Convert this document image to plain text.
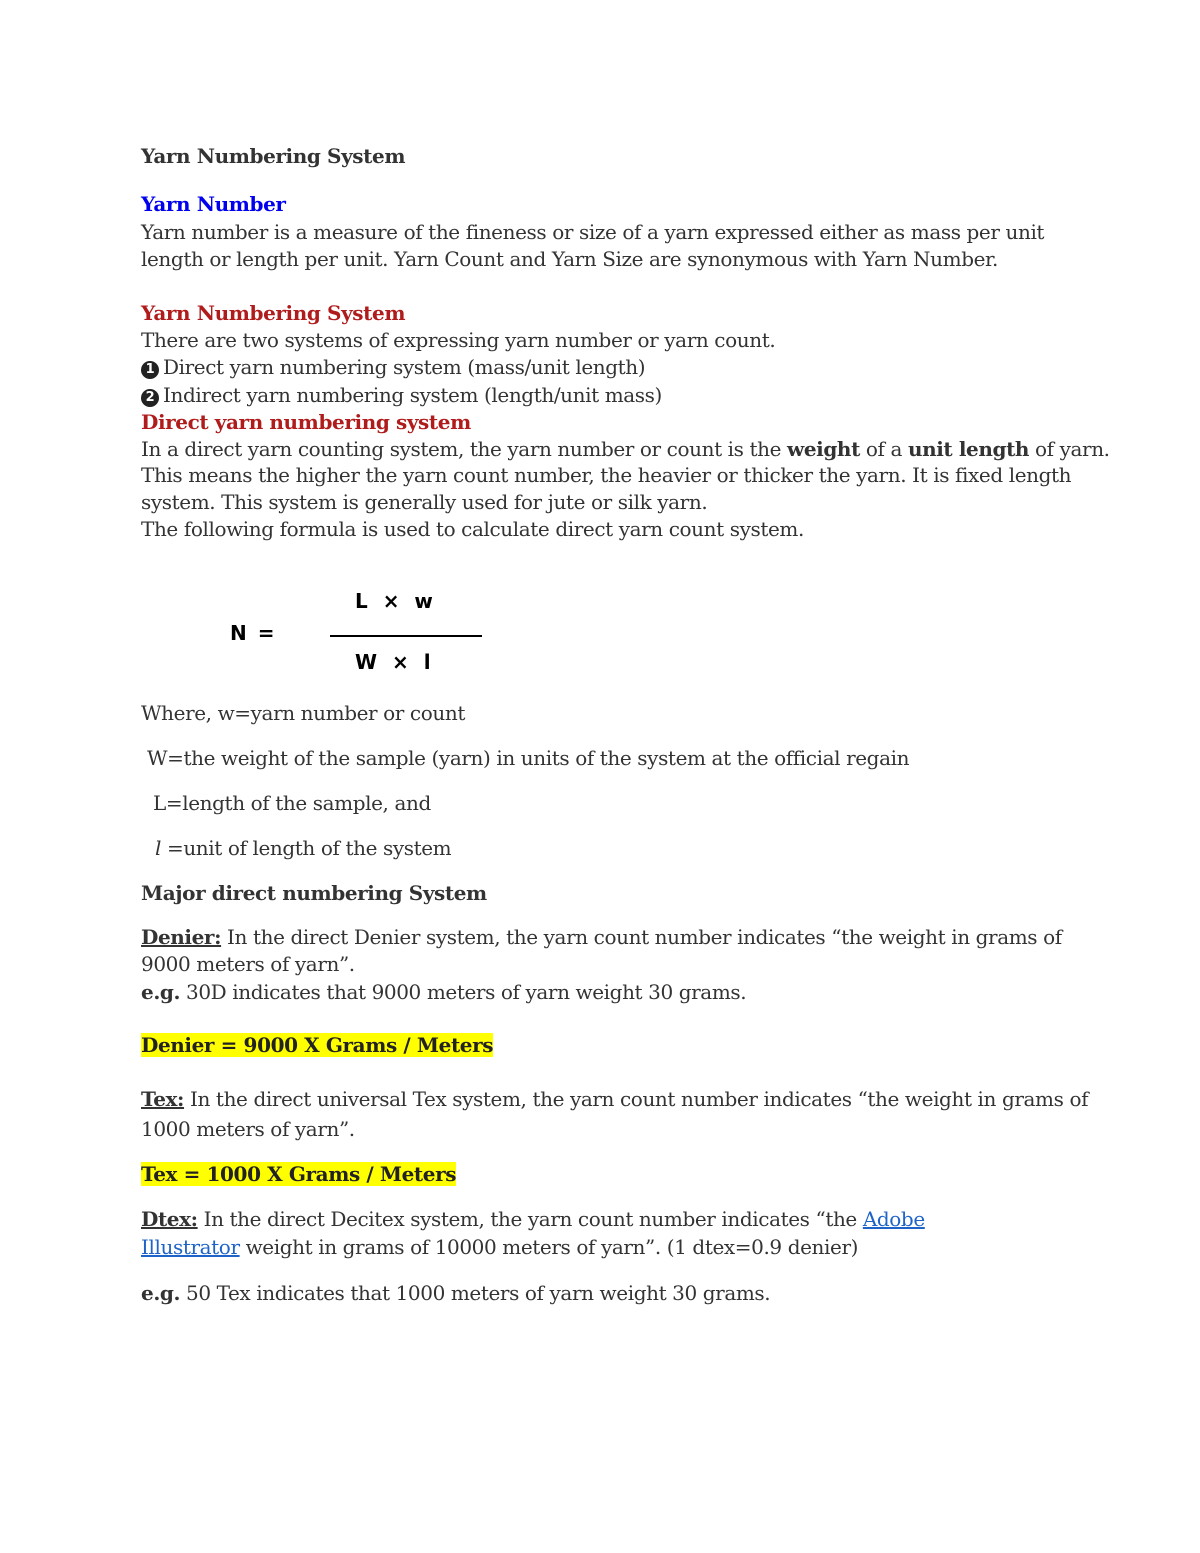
Yarn Numbering System
Yarn Number
Yarn number is a measure of the fineness or size of a yarn expressed either as mass per unit
length or length per unit. Yarn Count and Yarn Size are synonymous with Yarn Number.
Yarn Numbering System
There are two systems of expressing yarn number or yarn count.
1 Direct yarn numbering system (mass/unit length)
2 Indirect yarn numbering system (length/unit mass)
Direct yarn numbering system
In a direct yarn counting system, the yarn number or count is the weight of a unit length of yarn.
This means the higher the yarn count number, the heavier or thicker the yarn. It is fixed length
system. This system is generally used for jute or silk yarn.
The following formula is used to calculate direct yarn count system.
N =
L × w
W × l
Where, w=yarn number or count
W=the weight of the sample (yarn) in units of the system at the official regain
L=length of the sample, and
l =unit of length of the system
Major direct numbering System
Denier: In the direct Denier system, the yarn count number indicates “the weight in grams of
9000 meters of yarn”.
e.g. 30D indicates that 9000 meters of yarn weight 30 grams.
Denier = 9000 X Grams / Meters
Tex: In the direct universal Tex system, the yarn count number indicates “the weight in grams of
1000 meters of yarn”.
Tex = 1000 X Grams / Meters
Dtex: In the direct Decitex system, the yarn count number indicates “the Adobe
Illustrator weight in grams of 10000 meters of yarn”. (1 dtex=0.9 denier)
e.g. 50 Tex indicates that 1000 meters of yarn weight 30 grams.
